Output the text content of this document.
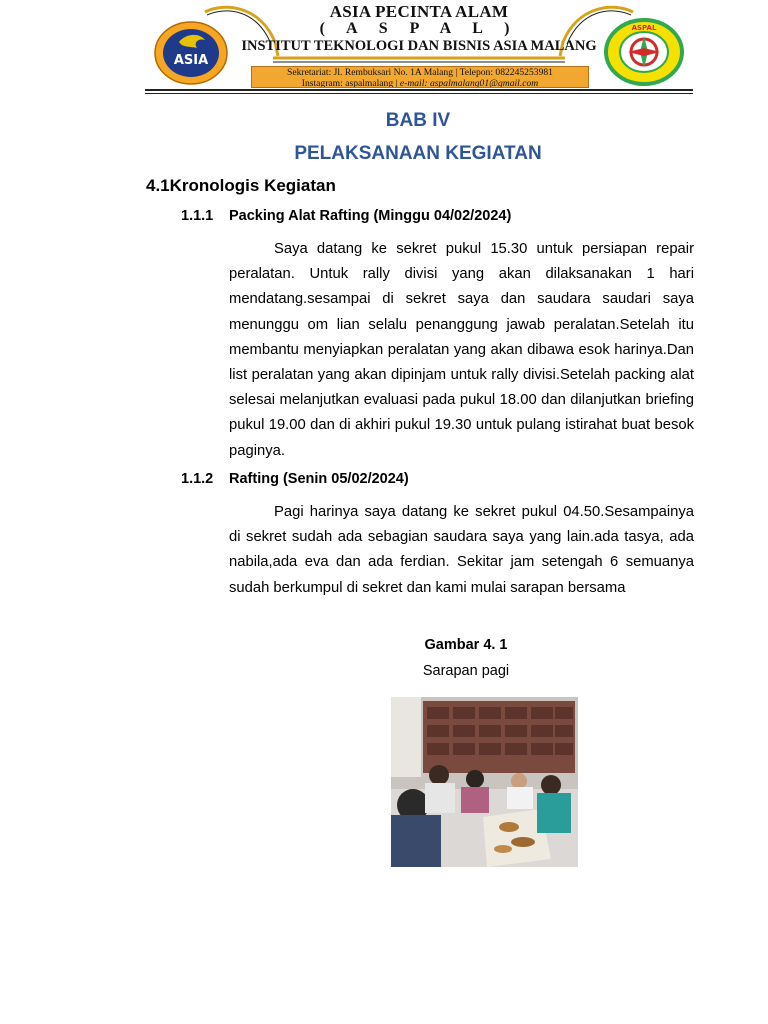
ASIA PECINTA ALAM
( A S P A L )
INSTITUT TEKNOLOGI DAN BISNIS ASIA MALANG
ASIA
ASPAL
Sekretariat: Jl. Rembuksari No. 1A Malang | Telepon: 082245253981
Instagram: aspalmalang | e-mail: aspalmalang01@gmail.com
BAB IV
PELAKSANAAN KEGIATAN
4.1Kronologis Kegiatan
1.1.1 Packing Alat Rafting (Minggu 04/02/2024)

Saya datang ke sekret pukul 15.30 untuk persiapan repair peralatan. Untuk rally divisi yang akan dilaksanakan 1 hari mendatang.sesampai di sekret saya dan saudara saudari saya menunggu om lian selalu penanggung jawab peralatan.Setelah itu membantu menyiapkan peralatan yang akan dibawa esok harinya.Dan list peralatan yang akan dipinjam untuk rally divisi.Setelah packing alat selesai melanjutkan evaluasi pada pukul 18.00 dan dilanjutkan briefing pukul 19.00 dan di akhiri pukul 19.30 untuk pulang istirahat buat besok paginya.

1.1.2 Rafting (Senin 05/02/2024)

Pagi harinya saya datang ke sekret pukul 04.50.Sesampainya di sekret sudah ada sebagian saudara saya yang lain.ada tasya, ada nabila,ada eva dan ada ferdian. Sekitar jam setengah 6 semuanya sudah berkumpul di sekret dan kami mulai sarapan bersama

Gambar 4. 1
Sarapan pagi
